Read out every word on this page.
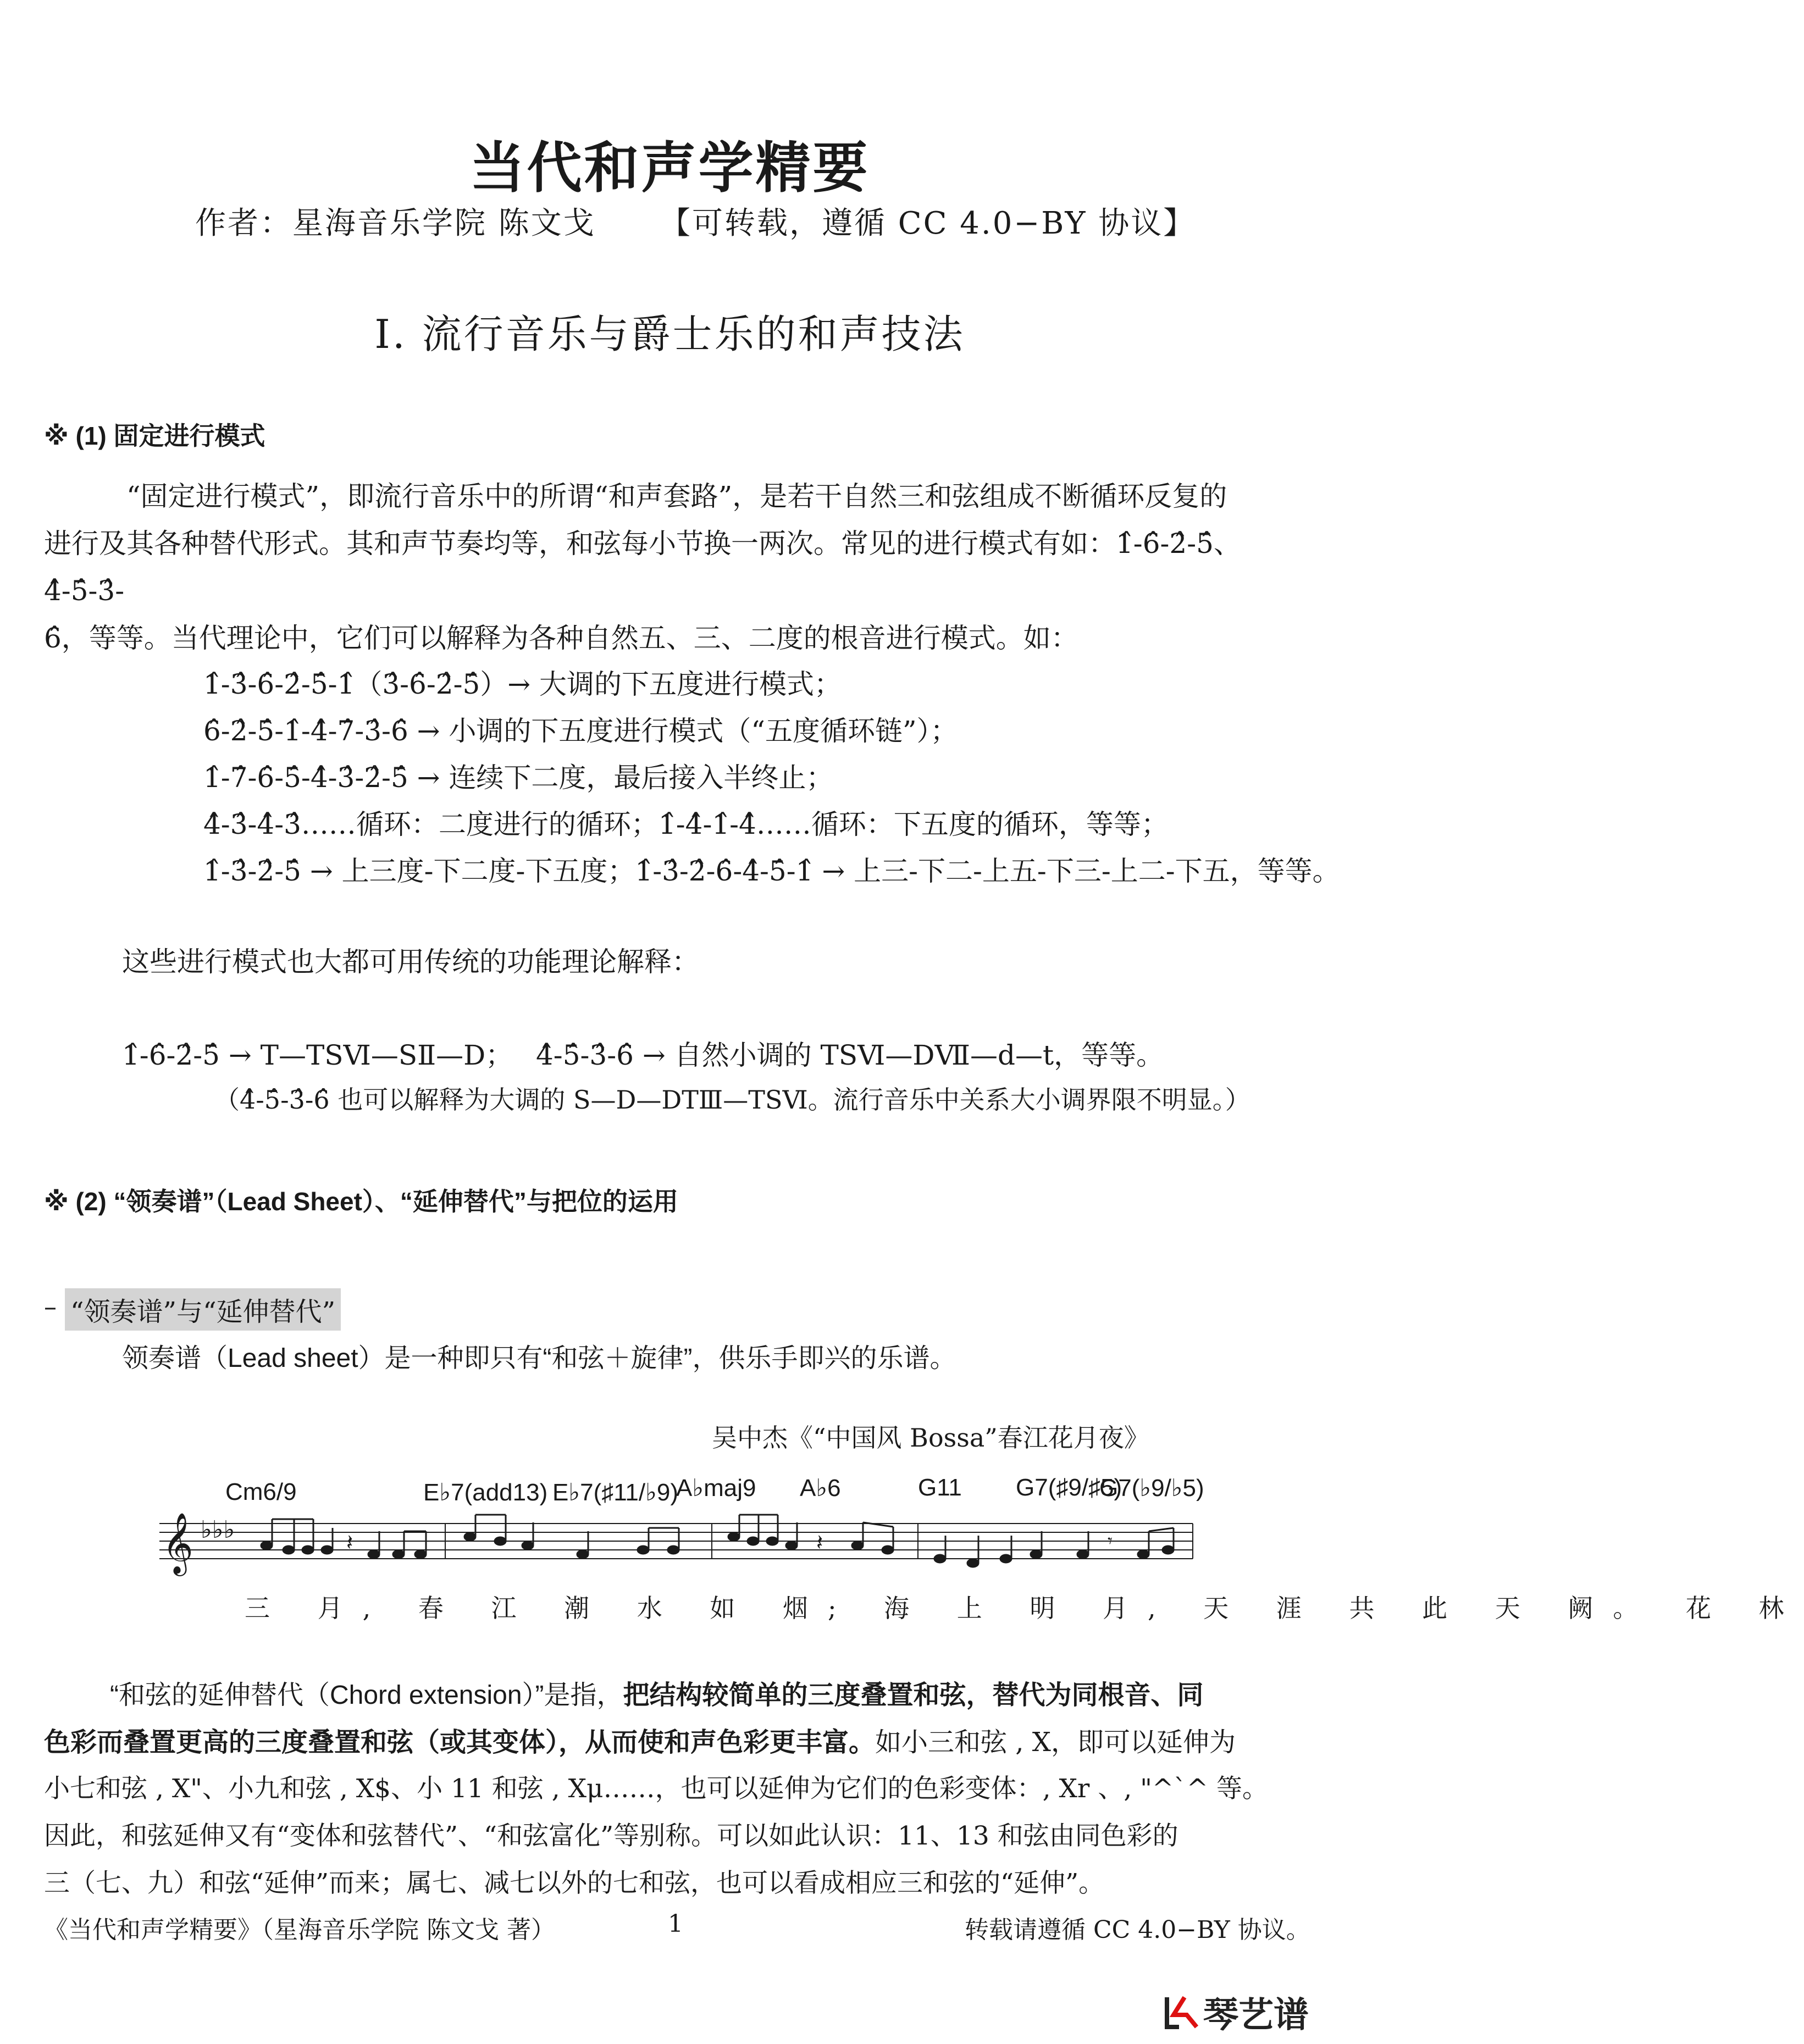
当代和声学精要
作者：星海音乐学院 陈文戈 【可转载，遵循 CC 4.0−BY 协议】
I. 流行音乐与爵士乐的和声技法
※ (1) 固定进行模式
“固定进行模式”，即流行音乐中的所谓“和声套路”，是若干自然三和弦组成不断循环反复的
进行及其各种替代形式。其和声节奏均等，和弦每小节换一两次。常见的进行模式有如：1̂-6̂-2̂-5̂、4̂-5̂-3̂-
6̂，等等。当代理论中，它们可以解释为各种自然五、三、二度的根音进行模式。如：
1̂-3̂-6̂-2̂-5̂-1̂（3̂-6̂-2̂-5̂）→ 大调的下五度进行模式；
6̂-2̂-5̂-1̂-4̂-7̂-3̂-6̂ → 小调的下五度进行模式（“五度循环链”）；
1̂-7̂-6̂-5̂-4̂-3̂-2̂-5̂ → 连续下二度，最后接入半终止；
4̂-3̂-4̂-3̂……循环：二度进行的循环；1̂-4̂-1̂-4̂……循环：下五度的循环，等等；
1̂-3̂-2̂-5̂ → 上三度-下二度-下五度；1̂-3̂-2̂-6̂-4̂-5̂-1̂ → 上三-下二-上五-下三-上二-下五，等等。
这些进行模式也大都可用传统的功能理论解释：
1̂-6̂-2̂-5̂ → T—TSⅥ—SⅡ—D； 4̂-5̂-3̂-6̂ → 自然小调的 TSⅥ—DⅦ—d—t，等等。
（4̂-5̂-3̂-6̂ 也可以解释为大调的 S—D—DTⅢ—TSⅥ。流行音乐中关系大小调界限不明显。）
※ (2) “领奏谱”（Lead Sheet）、“延伸替代”与把位的运用
– “领奏谱”与“延伸替代”
领奏谱（Lead sheet）是一种即只有“和弦＋旋律”，供乐手即兴的乐谱。
吴中杰《“中国风 Bossa”春江花月夜》
Cm6/9	E♭7(add13) E♭7(♯11/♭9)
A♭maj9 A♭6	G11 G7(♯9/♯5)
G7(♭9/♭5)
𝄞 ♭♭♭	𝄽	𝄽	𝄾
三 月, 春 江 潮 水 如 烟; 海 上 明 月, 天 涯 共 此 天 阙。 花 林
“和弦的延伸替代（Chord extension）”是指，把结构较简单的三度叠置和弦，替代为同根音、同
色彩而叠置更高的三度叠置和弦（或其变体），从而使和声色彩更丰富。如小三和弦 , X，即可以延伸为
小七和弦 , X"、小九和弦 , X$、小 11 和弦 , Xμ……，也可以延伸为它们的色彩变体：, Xr 、, "^`^ 等。
因此，和弦延伸又有“变体和弦替代”、“和弦富化”等别称。可以如此认识：11、13 和弦由同色彩的
三（七、九）和弦“延伸”而来；属七、减七以外的七和弦，也可以看成相应三和弦的“延伸”。
《当代和声学精要》（星海音乐学院 陈文戈 著）	1	转载请遵循 CC 4.0−BY 协议。
琴艺谱
